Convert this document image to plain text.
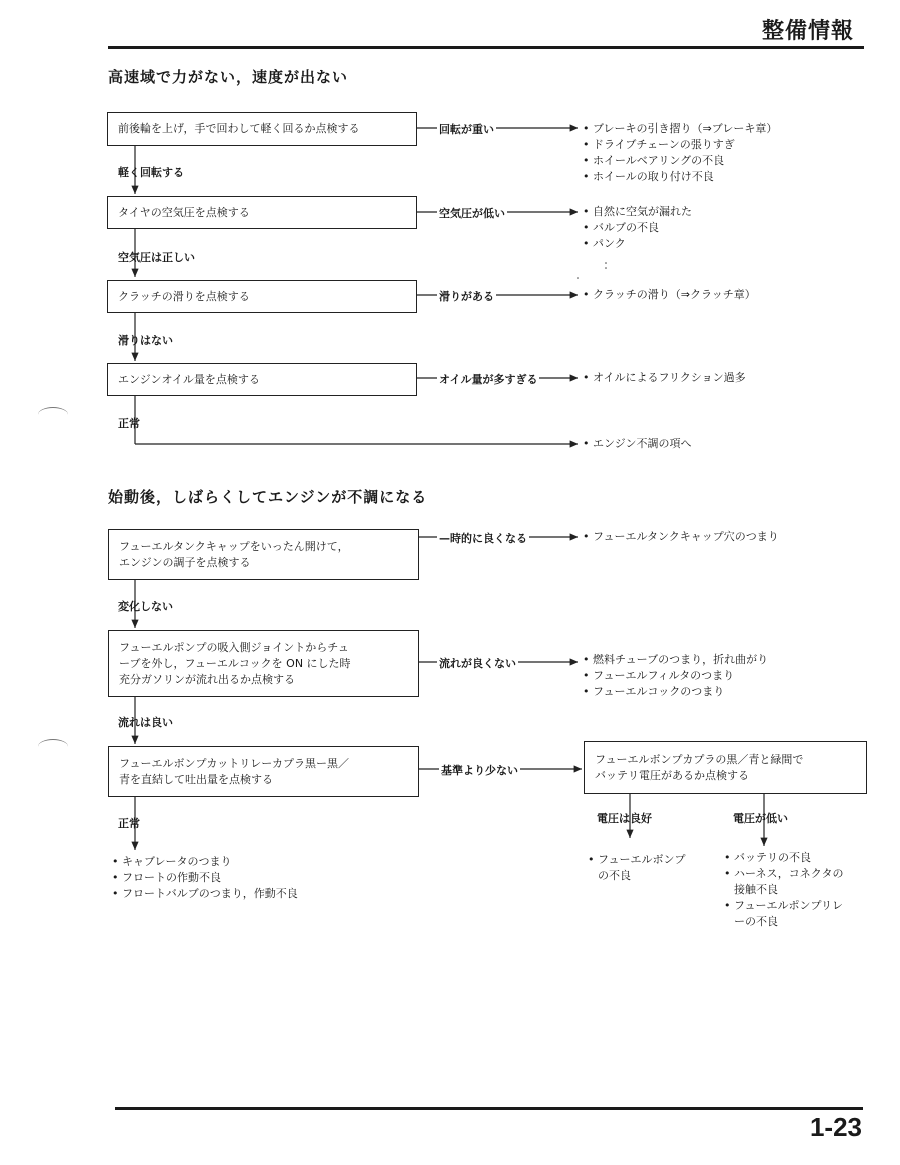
整備情報
高速域で力がない，速度が出ない
前後輪を上げ，手で回わして軽く回るか点検する	回転が重い	• ブレーキの引き摺り（⇒ブレーキ章）
• ドライブチェーンの張りすぎ
• ホイールベアリングの不良
• ホイールの取り付け不良
軽く回転する
タイヤの空気圧を点検する	空気圧が低い	• 自然に空気が漏れた
• バルブの不良
• パンク
空気圧は正しい
クラッチの滑りを点検する	滑りがある	• クラッチの滑り（⇒クラッチ章）
滑りはない
エンジンオイル量を点検する	オイル量が多すぎる	• オイルによるフリクション過多
正常
• エンジン不調の項へ
始動後，しばらくしてエンジンが不調になる
フューエルタンクキャップをいったん開けて，
エンジンの調子を点検する
—時的に良くなる	• フューエルタンクキャップ穴のつまり
変化しない
フューエルポンプの吸入側ジョイントからチュ
ーブを外し，フューエルコックを ON にした時
充分ガソリンが流れ出るか点検する
流れが良くない	• 燃料チューブのつまり，折れ曲がり
• フューエルフィルタのつまり
• フューエルコックのつまり
流れは良い
フューエルボンプカットリレーカプラ黒ー黒／
青を直結して吐出量を点検する
基準より少ない
正常
• キャブレータのつまり
• フロートの作動不良
• フロートバルブのつまり，作動不良
フューエルボンプカプラの黒／青と緑間で
バッテリ電圧があるか点検する
電圧は良好	電圧が低い
• フューエルボンプ
の不良
• バッテリの不良
• ハーネス，コネクタの
接触不良
• フューエルポンプリレ
ーの不良
1-23
